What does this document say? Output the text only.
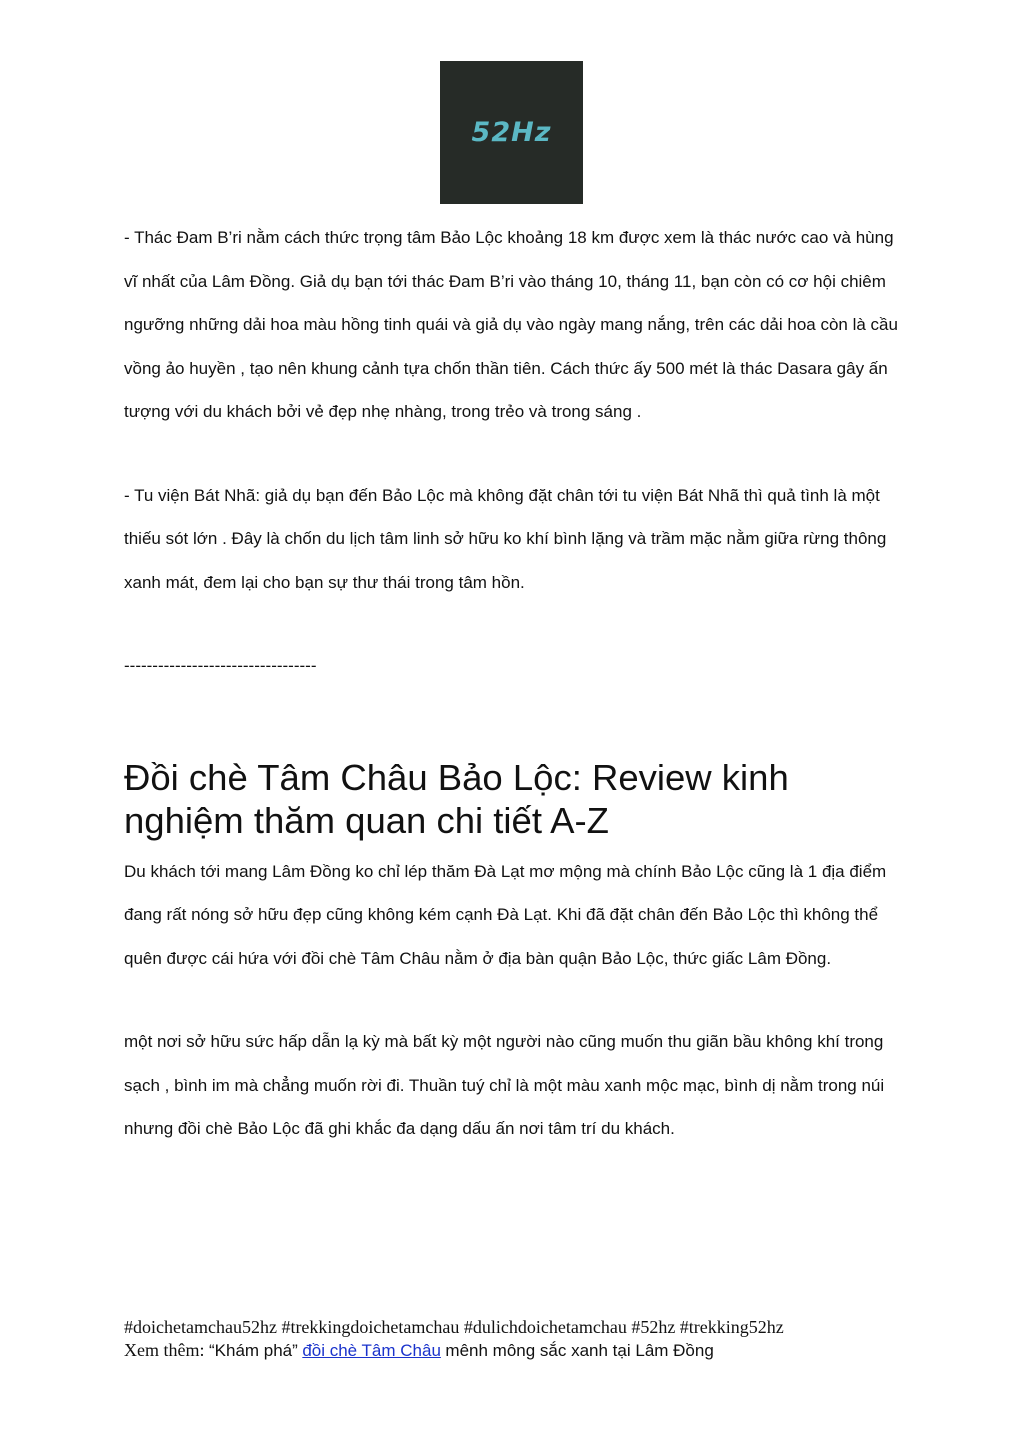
52Hz

- Thác Đam B’ri nằm cách thức trọng tâm Bảo Lộc khoảng 18 km được xem là thác nước cao và hùng vĩ nhất của Lâm Đồng. Giả dụ bạn tới thác Đam B’ri vào tháng 10, tháng 11, bạn còn có cơ hội chiêm ngưỡng những dải hoa màu hồng tinh quái và giả dụ vào ngày mang nắng, trên các dải hoa còn là cầu vồng ảo huyền , tạo nên khung cảnh tựa chốn thần tiên. Cách thức ấy 500 mét là thác Dasara gây ấn tượng với du khách bởi vẻ đẹp nhẹ nhàng, trong trẻo và trong sáng .

- Tu viện Bát Nhã: giả dụ bạn đến Bảo Lộc mà không đặt chân tới tu viện Bát Nhã thì quả tình là một thiếu sót lớn . Đây là chốn du lịch tâm linh sở hữu ko khí bình lặng và trầm mặc nằm giữa rừng thông xanh mát, đem lại cho bạn sự thư thái trong tâm hồn.

----------------------------------

Đồi chè Tâm Châu Bảo Lộc: Review kinh nghiệm thăm quan chi tiết A-Z

Du khách tới mang Lâm Đồng ko chỉ lép thăm Đà Lạt mơ mộng mà chính Bảo Lộc cũng là 1 địa điểm đang rất nóng sở hữu đẹp cũng không kém cạnh Đà Lạt. Khi đã đặt chân đến Bảo Lộc thì không thể quên được cái hứa với đồi chè Tâm Châu nằm ở địa bàn quận Bảo Lộc, thức giấc Lâm Đồng.

một nơi sở hữu sức hấp dẫn lạ kỳ mà bất kỳ một người nào cũng muốn thu giãn bầu không khí trong sạch , bình im mà chẳng muốn rời đi. Thuần tuý chỉ là một màu xanh mộc mạc, bình dị nằm trong núi nhưng đồi chè Bảo Lộc đã ghi khắc đa dạng dấu ấn nơi tâm trí du khách.

#doichetamchau52hz #trekkingdoichetamchau #dulichdoichetamchau #52hz #trekking52hz
Xem thêm: “Khám phá” đồi chè Tâm Châu mênh mông sắc xanh tại Lâm Đồng
